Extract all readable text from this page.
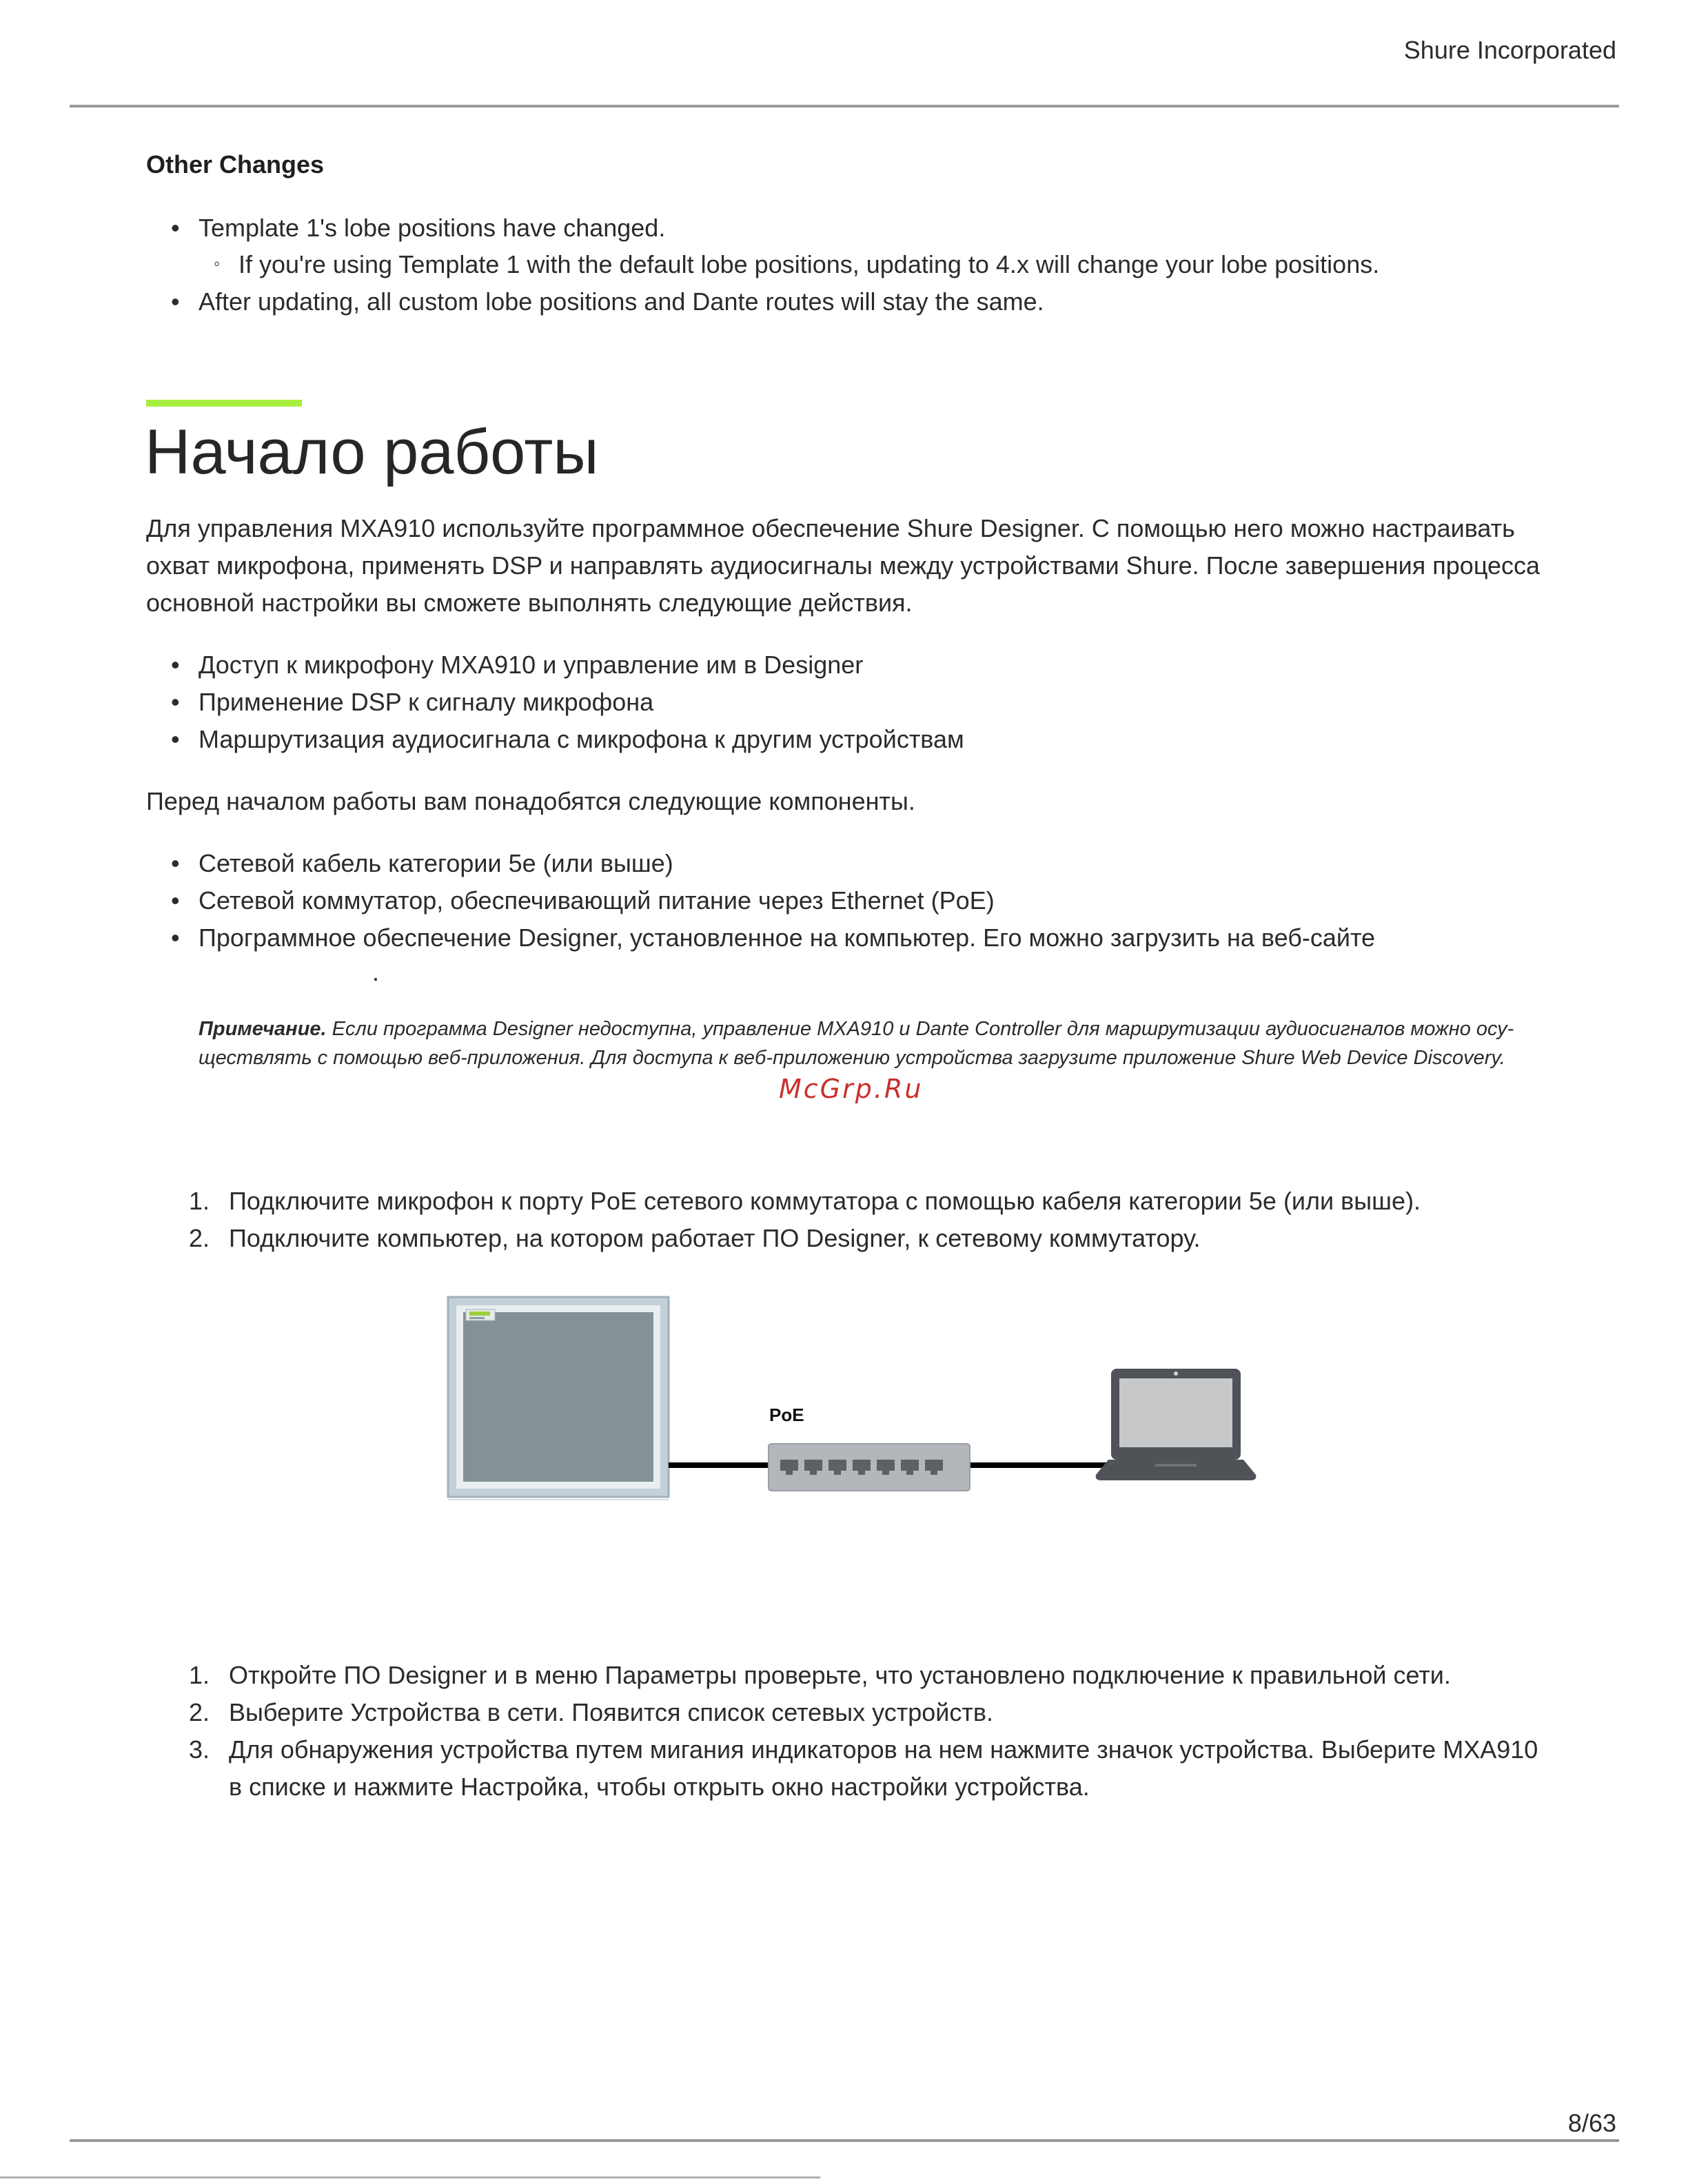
Shure Incorporated
Other Changes
• Template 1's lobe positions have changed.
◦ If you're using Template 1 with the default lobe positions, updating to 4.x will change your lobe positions.
• After updating, all custom lobe positions and Dante routes will stay the same.
Начало работы
Для управления MXA910 используйте программное обеспечение Shure Designer. С помощью него можно настраивать
охват микрофона, применять DSP и направлять аудиосигналы между устройствами Shure. После завершения процесса
основной настройки вы сможете выполнять следующие действия.
• Доступ к микрофону MXA910 и управление им в Designer
• Применение DSP к сигналу микрофона
• Маршрутизация аудиосигнала с микрофона к другим устройствам
Перед началом работы вам понадобятся следующие компоненты.
• Сетевой кабель категории 5e (или выше)
• Сетевой коммутатор, обеспечивающий питание через Ethernet (PoE)
• Программное обеспечение Designer, установленное на компьютер. Его можно загрузить на веб-сайте
.
Примечание. Если программа Designer недоступна, управление MXA910 и Dante Controller для маршрутизации аудиосигналов можно осу-
ществлять с помощью веб-приложения. Для доступа к веб-приложению устройства загрузите приложение Shure Web Device Discovery.
McGrp.Ru
1. Подключите микрофон к порту PoE сетевого коммутатора с помощью кабеля категории 5e (или выше).
2. Подключите компьютер, на котором работает ПО Designer, к сетевому коммутатору.
PoE
1. Откройте ПО Designer и в меню Параметры проверьте, что установлено подключение к правильной сети.
2. Выберите Устройства в сети. Появится список сетевых устройств.
3. Для обнаружения устройства путем мигания индикаторов на нем нажмите значок устройства. Выберите MXA910
в списке и нажмите Настройка, чтобы открыть окно настройки устройства.
8/63
